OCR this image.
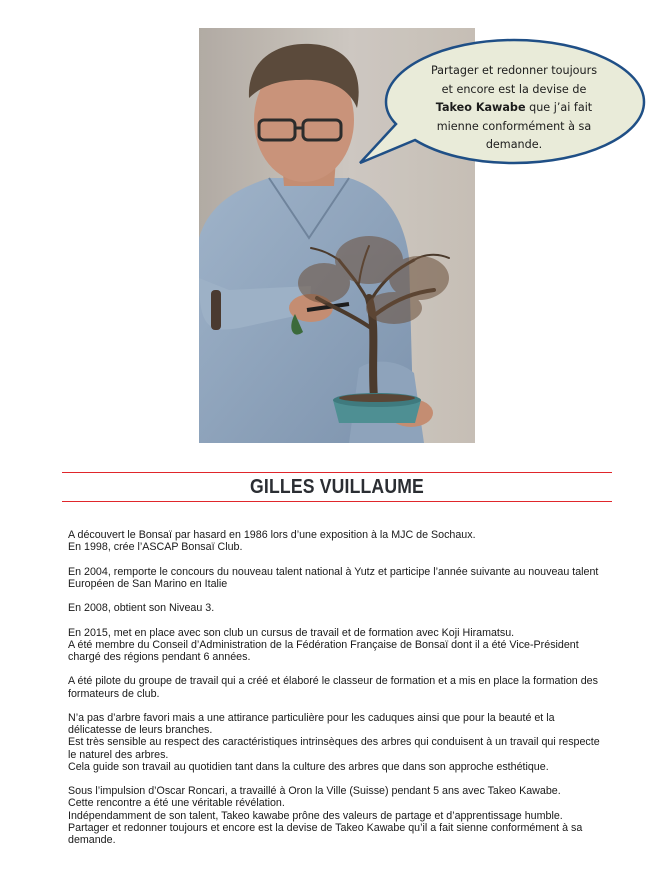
Partager et redonner toujours
et encore est la devise de
Takeo Kawabe que j’ai fait
mienne conformément à sa
demande.
GILLES VUILLAUME

A découvert le Bonsaï par hasard en 1986 lors d’une exposition à la MJC de Sochaux.
En 1998, crée l’ASCAP Bonsaï Club.

En 2004, remporte le concours du nouveau talent national à Yutz et participe l’année suivante au nouveau talent
Européen de San Marino en Italie

En 2008, obtient son Niveau 3.

En 2015, met en place avec son club un cursus de travail et de formation avec Koji Hiramatsu.
A été membre du Conseil d’Administration de la Fédération Française de Bonsaï dont il a été Vice-Président
chargé des régions pendant 6 années.

A été pilote du groupe de travail qui a créé et élaboré le classeur de formation et a mis en place la formation des
formateurs de club.

N’a pas d’arbre favori mais a une attirance particulière pour les caduques ainsi que pour la beauté et la
délicatesse de leurs branches.
Est très sensible au respect des caractéristiques intrinsèques des arbres qui conduisent à un travail qui respecte
le naturel des arbres.
Cela guide son travail au quotidien tant dans la culture des arbres que dans son approche esthétique.

Sous l’impulsion d’Oscar Roncari, a travaillé à Oron la Ville (Suisse) pendant 5 ans avec Takeo Kawabe.
Cette rencontre a été une véritable révélation.
Indépendamment de son talent, Takeo kawabe prône des valeurs de partage et d’apprentissage humble.
Partager et redonner toujours et encore est la devise de Takeo Kawabe qu’il a fait sienne conformément à sa
demande.
